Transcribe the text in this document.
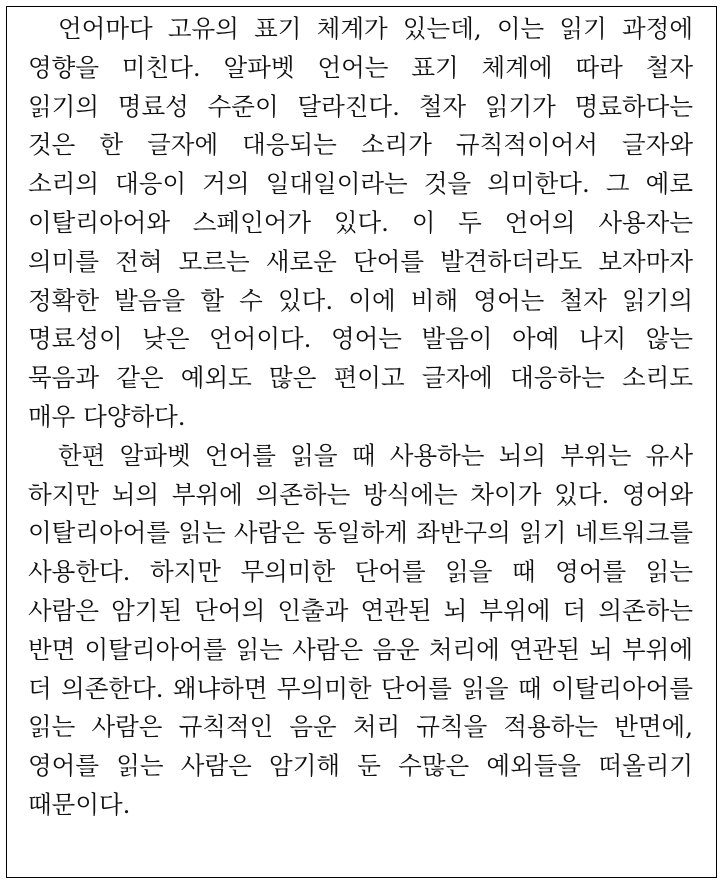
언어마다 고유의 표기 체계가 있는데, 이는 읽기 과정에
영향을 미친다. 알파벳 언어는 표기 체계에 따라 철자
읽기의 명료성 수준이 달라진다. 철자 읽기가 명료하다는
것은 한 글자에 대응되는 소리가 규칙적이어서 글자와
소리의 대응이 거의 일대일이라는 것을 의미한다. 그 예로
이탈리아어와 스페인어가 있다. 이 두 언어의 사용자는
의미를 전혀 모르는 새로운 단어를 발견하더라도 보자마자
정확한 발음을 할 수 있다. 이에 비해 영어는 철자 읽기의
명료성이 낮은 언어이다. 영어는 발음이 아예 나지 않는
묵음과 같은 예외도 많은 편이고 글자에 대응하는 소리도
매우 다양하다.
한편 알파벳 언어를 읽을 때 사용하는 뇌의 부위는 유사
하지만 뇌의 부위에 의존하는 방식에는 차이가 있다. 영어와
이탈리아어를 읽는 사람은 동일하게 좌반구의 읽기 네트워크를
사용한다. 하지만 무의미한 단어를 읽을 때 영어를 읽는
사람은 암기된 단어의 인출과 연관된 뇌 부위에 더 의존하는
반면 이탈리아어를 읽는 사람은 음운 처리에 연관된 뇌 부위에
더 의존한다. 왜냐하면 무의미한 단어를 읽을 때 이탈리아어를
읽는 사람은 규칙적인 음운 처리 규칙을 적용하는 반면에,
영어를 읽는 사람은 암기해 둔 수많은 예외들을 떠올리기
때문이다.
